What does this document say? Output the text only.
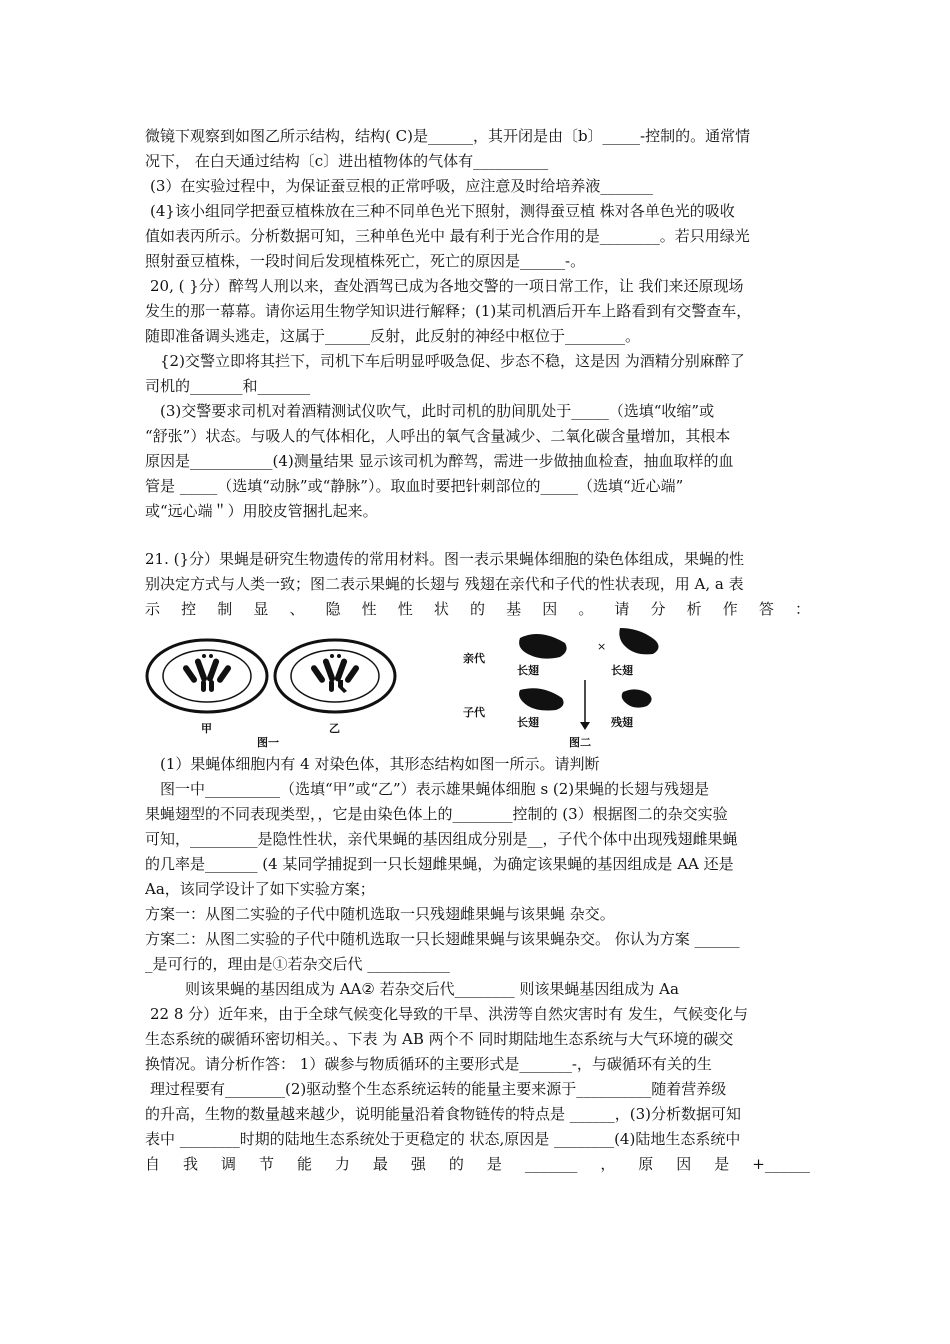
微镜下观察到如图乙所示结构，结构( C)是______，其开闭是由〔b〕_____-控制的。通常情
况下， 在白天通过结构〔c〕进出植物体的气体有__________
(3）在实验过程中，为保证蚕豆根的正常呼吸，应注意及时给培养液_______
(4}该小组同学把蚕豆植株放在三种不同单色光下照射，测得蚕豆植 株对各单色光的吸收
值如表丙所示。分析数据可知，三种单色光中 最有利于光合作用的是________。若只用绿光
照射蚕豆植株，一段时间后发现植株死亡，死亡的原因是______-。
20, ( }分）醉驾人刑以来，查处酒驾已成为各地交警的一项日常工作，让 我们来还原现场
发生的那一幕幕。请你运用生物学知识进行解释；(1)某司机酒后开车上路看到有交警查车，
随即准备调头逃走，这属于______反射，此反射的神经中枢位于________。
{2)交警立即将其拦下，司机下车后明显呼吸急促、步态不稳，这是因 为酒精分别麻醉了
司机的_______和_______
(3)交警要求司机对着酒精测试仪吹气，此时司机的肋间肌处于_____（选填“收缩”或
“舒张”）状态。与吸人的气体相化，人呼出的氧气含量减少、二氧化碳含量增加，其根本
原因是___________(4)测量结果 显示该司机为醉驾，需进一步做抽血检查，抽血取样的血
管是 _____（选填“动脉”或“静脉”）。取血时要把针刺部位的_____（选填“近心端”
或“远心端＂）用胶皮管捆扎起来。
21. (}分）果蝇是研究生物遗传的常用材料。图一表示果蝇体细胞的染色体组成，果蝇的性
别决定方式与人类一致；图二表示果蝇的长翅与 残翅在亲代和子代的性状表现，用 A, a 表
示 控 制 显 、 隐 性 性 状 的 基 因 。 请 分 析 作 答 ：
甲	乙
图一
亲代
子代
×
长翅	长翅
长翅	残翅
图二
(1）果蝇体细胞内有 4 对染色体，其形态结构如图一所示。请判断
图一中__________（选填“甲”或“乙”）表示雄果蝇体细胞 s (2)果蝇的长翅与残翅是
果蝇翅型的不同表现类型，，它是由染色体上的________控制的 (3）根据图二的杂交实验
可知，_________是隐性性状，亲代果蝇的基因组成分别是__，子代个体中出现残翅雌果蝇
的几率是_______ (4 某同学捕捉到一只长翅雌果蝇，为确定该果蝇的基因组成是 AA 还是
Aa，该同学设计了如下实验方案；
方案一：从图二实验的子代中随机选取一只残翅雌果蝇与该果蝇 杂交。
方案二：从图二实验的子代中随机选取一只长翅雌果蝇与该果蝇杂交。 你认为方案 ______
_是可行的，理由是①若杂交后代 ___________
则该果蝇的基因组成为 AA② 若杂交后代________ 则该果蝇基因组成为 Aa
22 8 分）近年来，由于全球气候变化导致的干旱、洪涝等自然灾害时有 发生，气候变化与
生态系统的碳循环密切相关。、下表 为 AB 两个不 同时期陆地生态系统与大气环境的碳交
换情况。请分析作答： 1）碳参与物质循环的主要形式是_______-，与碳循环有关的生
理过程要有________(2)驱动整个生态系统运转的能量主要来源于__________随着营养级
的升高，生物的数量越来越少，说明能量沿着食物链传的特点是 ______，(3)分析数据可知
表中 ________时期的陆地生态系统处于更稳定的 状态,原因是 ________(4)陆地生态系统中
自 我 调 节 能 力 最 强 的 是 _______ ， 原 因 是 +______
